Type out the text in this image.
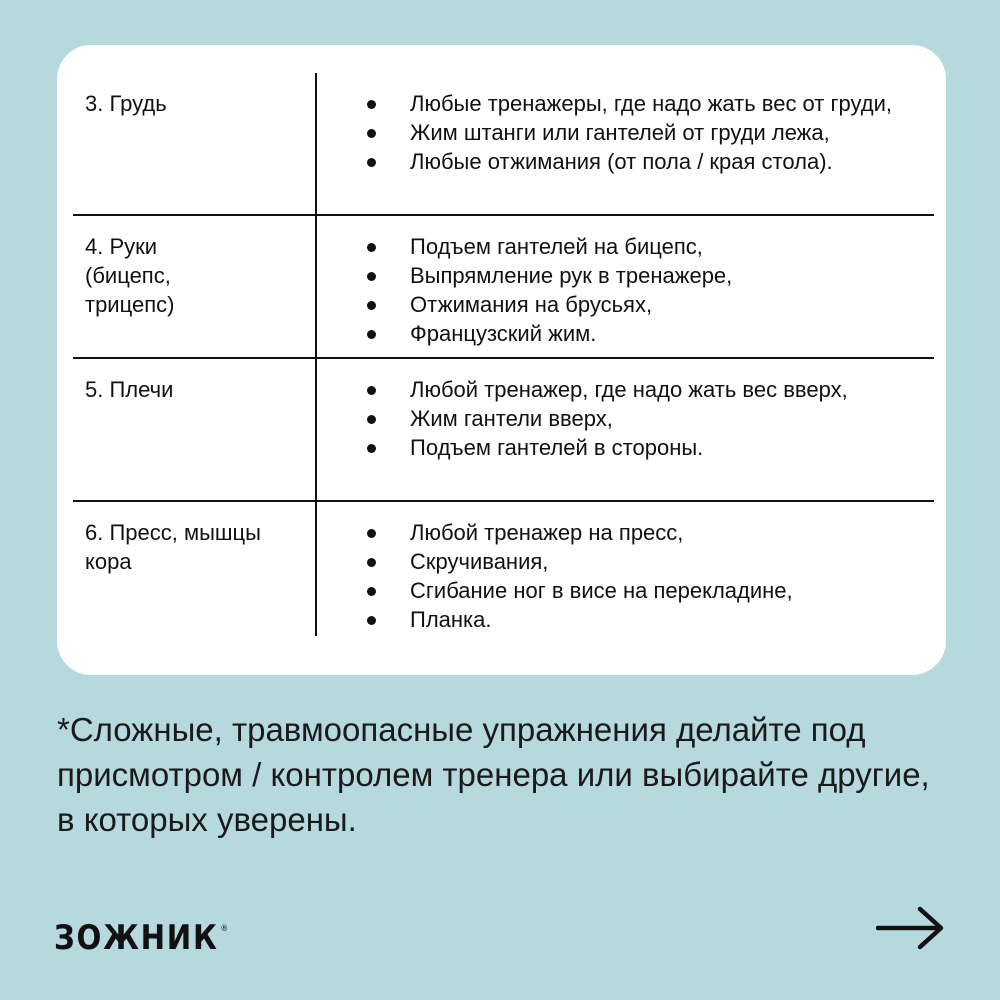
3. Грудь	Любые тренажеры, где надо жать вес от груди,
Жим штанги или гантелей от груди лежа,
Любые отжимания (от пола / края стола).
4. Руки (бицепс, трицепс)
Подъем гантелей на бицепс,
Выпрямление рук в тренажере,
Отжимания на брусьях,
Французский жим.
5. Плечи	Любой тренажер, где надо жать вес вверх,
Жим гантели вверх,
Подъем гантелей в стороны.
6. Пресс, мышцы кора
Любой тренажер на пресс,
Скручивания,
Сгибание ног в висе на перекладине,
Планка.
*Сложные, травмоопасные упражнения делайте под присмотром / контролем тренера или выбирайте другие, в которых уверены.
ЗОЖНИК ®
